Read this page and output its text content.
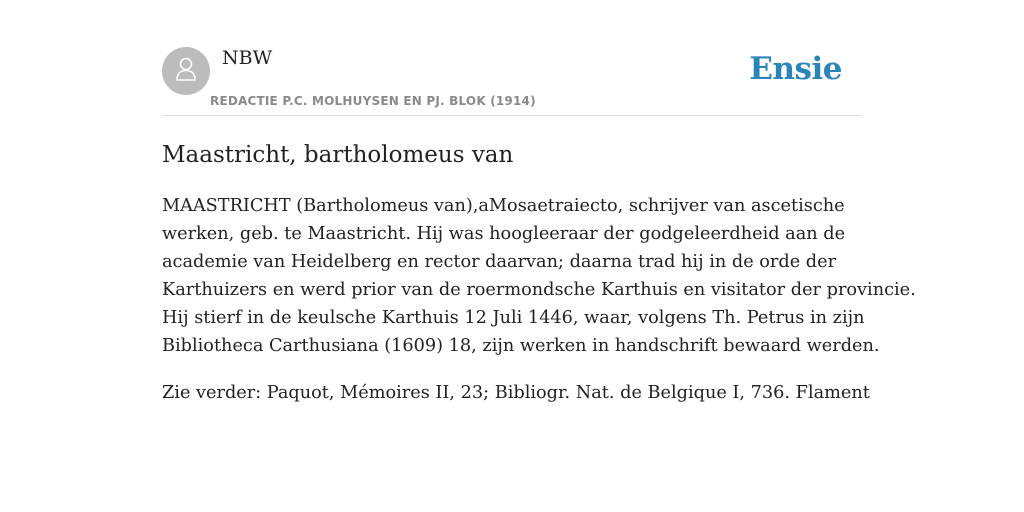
NBW
REDACTIE P.C. MOLHUYSEN EN PJ. BLOK (1914)
Ensie
Maastricht, bartholomeus van

MAASTRICHT (Bartholomeus van),aMosaetraiecto, schrijver van ascetische
werken, geb. te Maastricht. Hij was hoogleeraar der godgeleerdheid aan de
academie van Heidelberg en rector daarvan; daarna trad hij in de orde der
Karthuizers en werd prior van de roermondsche Karthuis en visitator der provincie.
Hij stierf in de keulsche Karthuis 12 Juli 1446, waar, volgens Th. Petrus in zijn
Bibliotheca Carthusiana (1609) 18, zijn werken in handschrift bewaard werden.

Zie verder: Paquot, Mémoires II, 23; Bibliogr. Nat. de Belgique I, 736. Flament
